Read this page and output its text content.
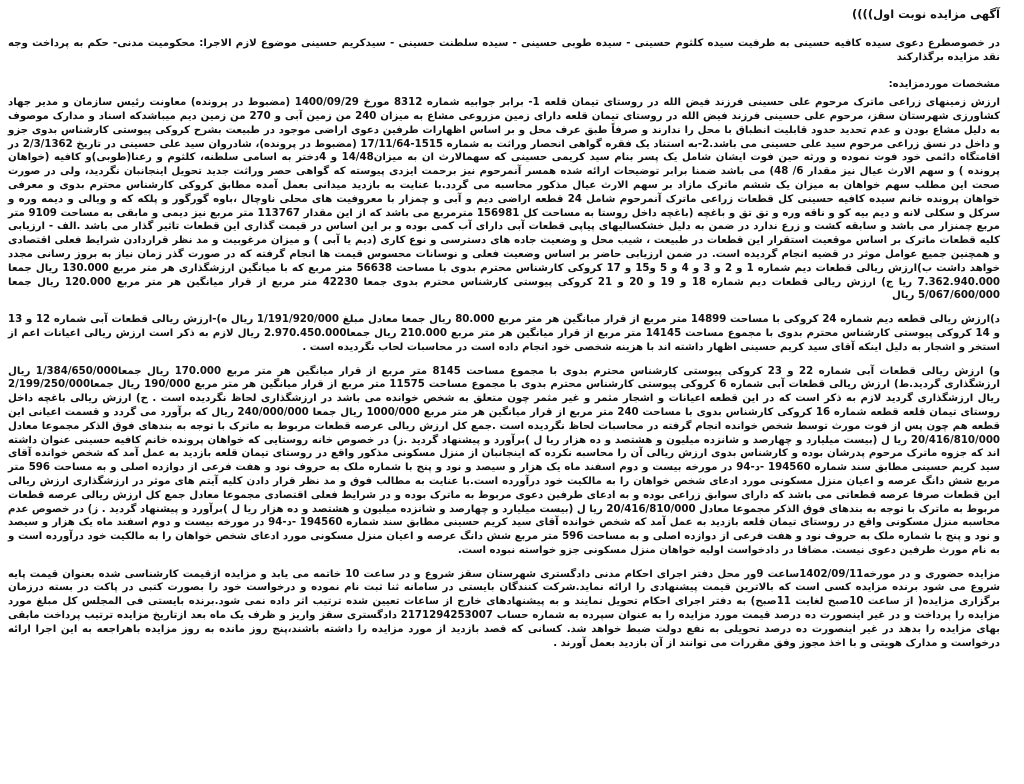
آگهی مزایده نوبت اول))))
در خصوصطرع دعوی سیده کافیه حسینی به طرفیت سیده کلثوم حسینی - سیده طوبی حسینی - سیده سلطنت حسینی - سیدکریم حسینی موضوع لازم الاجرا: محکومیت مدنی- حکم به پرداخت وجه نقد مزایده برگذارکند
مشخصات موردمزایده:
ارزش زمینهای زراعی ماترک مرحوم علی حسینی فرزند فیض الله در روستای تیمان قلعه 1- برابر جوابیه شماره 8312 مورخ 1400/09/29 (مضبوط در پرونده) معاونت رئیس سازمان و مدیر جهاد کشاورزی شهرستان سقز، مرحوم علی حسینی فرزند فیض الله در روستای تیمان قلعه دارای زمین مزروعی مشاع به میزان 240 من زمین آبی و 270 من زمین دیم میباشدکه اسناد و مدارک موصوف به دلیل مشاع بودن و عدم تحدید حدود قابلیت انطباق با محل را ندارند و صرفاً طبق عرف محل و بر اساس اظهارات طرفین دعوی اراضی موجود در طبیعت بشرح کروکی پیوستی کارشناس بدوی جزو و داخل در نسق زراعی مرحوم سید علی حسینی می باشد.2-به استناد یک فقره گواهی انحصار وراثت به شماره 1515-17/11/64 (مضبوط در پرونده)، شادروان سید علی حسینی در تاریخ 2/3/1362 در اقامتگاه دائمی خود فوت نموده و ورثه حین فوت ایشان شامل یک پسر بنام سید کریمی حسینی که سهمالارث ان به میزان14/48 و 4دختر به اسامی سلطنه، کلثوم و رعنا(طوبی)و کافیه (خواهان پرونده ) و سهم الارث عیال نیز مقدار 6/ 48) می باشد ضمنا برابر توضیحات ارائه شده همسر آنمرحوم نیز برحمت ایزدی پیوسته که گواهی حصر وراثت جدید تحویل اینجانبان نگردید، ولی در صورت صحت این مطلب سهم خواهان به میزان یک ششم ماترک مازاد بر سهم الارث عیال مذکور محاسبه می گردد.با عنایت به بازدید میدانی بعمل آمده مطابق کروکی کارشناس محترم بدوی و معرفی خواهان پرونده خانم سیده کافیه حسینی کل قطعات زراعی ماترک آنمرحوم شامل 24 قطعه اراضی دیم و آبی و چمزار با معروفیت های محلی ناوچال ،باوه گورگور و پلکه که و ویالی و دیمه وره و سرکل و سکلی لانه و دیم بیه کو و ناقه وره و تق تق و باغچه (باغچه داخل روستا به مساحت کل 156981 مترمربع می باشد که از این مقدار 113767 متر مربع نیز دیمی و مابقی به مساحت 9109 متر مربع چمنزار می باشد و سابقه کشت و زرع ندارد در ضمن به دلیل خشکسالیهای پیاپی قطعات آبی دارای آب کمی بوده و بر این اساس در قیمت گذاری این قطعات تاثیر گذار می باشد .الف - ارزیابی کلیه قطعات ماترک بر اساس موقعیت استقرار این قطعات در طبیعت ، شیب محل و وضعیت جاده های دسترسی و نوع کاری (دیم یا آبی ) و میزان مرغوبیت و مد نظر قراردادن شرایط فعلی اقتصادی و همچنین جمیع عوامل موثر در قضیه انجام گردیده است. در ضمن ارزیابی حاضر بر اساس وضعیت فعلی و نوسانات محسوس قیمت ها انجام گرفته که در صورت گذر زمان نیاز به بروز رسانی مجدد خواهد داشت ب)ارزش ریالی قطعات دیم شماره 1 و 2 و 3 و 4 و 5 و15 و 17 کروکی کارشناس محترم بدوی با مساحت 56638 متر مربع که با میانگین ارزشگذاری هر متر مربع 130.000 ریال جمعا 7.362.940.000 ریا ج) ارزش ریالی قطعات دیم شماره 18 و 19 و 20 و 21 کروکی پیوستی کارشناس محترم بدوی جمعا 42230 متر مربع از قرار میانگین هر متر مربع 120.000 ریال جمعا 5/067/600/000 ریال
د)ارزش ریالی قطعه دیم شماره 24 کروکی با مساحت 14899 متر مربع از قرار میانگین هر متر مربع 80.000 ریال جمعا معادل مبلغ 1/191/920/000 ریال ه)-ارزش ریالی قطعات آبی شماره 12 و 13 و 14 کروکی پیوستی کارشناس محترم بدوی با مجموع مساحت 14145 متر مربع از قرار میانگین هر متر مربع 210.000 ریال جمعا2.970.450.000 ریال لازم به ذکر است ارزش ریالی اعیانات اعم از استخر و اشجار به دلیل اینکه آقای سید کریم حسینی اظهار داشته اند با هزینه شخصی خود انجام داده است در محاسبات لحاب نگردیده است .
و) ارزش ریالی قطعات آبی شماره 22 و 23 کروکی پیوستی کارشناس محترم بدوی با مجموع مساحت 8145 متر مربع از قرار میانگین هر متر مربع 170.000 ریال جمعا1/384/650/000 ریال ارزشگذاری گردید.ط) ارزش ریالی قطعات آبی شماره 6 کروکی پیوستی کارشناس محترم بدوی با مجموع مساحت 11575 متر مربع از قرار میانگین هر متر مربع 190/000 ریال جمعا2/199/250/000 ریال ارزشگذاری گردید لازم به ذکر است که در این قطعه اعیانات و اشجار مثمر و غیر مثمر چون متعلق به شخص خوانده می باشد در ارزشگذاری لحاظ نگردیده است . ح) ارزش ریالی باغچه داخل روستای تیمان قلعه قطعه شماره 16 کروکی کارشناس بدوی با مساحت 240 متر مربع از قرار میانگین هر متر مربع 1000/000 ریال جمعا 240/000/000 ریال که برآورد می گردد و قسمت اعیانی این قطعه هم چون پس از فوت مورث توسط شخص خوانده انجام گرفته در محاسبات لحاظ نگردیده است .جمع کل ارزش ریالی عرصه قطعات مربوط به ماترک با توجه به بندهای فوق الذکر مجموعا معادل 20/416/810/000 ریا ل (بیست میلیارد و چهارصد و شانزده میلیون و هشتصد و ده هزار ریا ل )برآورد و پیشنهاد گردید .ز) در خصوص خانه روستایی که خواهان پرونده خانم کافیه حسینی عنوان داشته اند که جزوه ماترک مرحوم پدرشان بوده و کارشناس بدوی ارزش ریالی آن را محاسبه نکرده که اینجانبان از منزل مسکونی مذکور واقع در روستای تیمان قلعه بازدید به عمل آمد که شخص خوانده آقای سید کریم حسینی مطابق سند شماره 194560 -د-94 در مورخه بیست و دوم اسفند ماه یک هزار و سیصد و نود و پنج با شماره ملک به حروف نود و هفت فرعی از دوازده اصلی و به مساحت 596 متر مربع شش دانگ عرصه و اعیان منزل مسکونی مورد ادعای شخص خواهان را به مالکیت خود درآورده است.با عنایت به مطالب فوق و مد نظر قرار دادن کلیه آیتم های موثر در ارزشگذاری ارزش ریالی این قطعات صرفا عرصه قطعاتی می باشد که دارای سوابق زراعی بوده و به ادعای طرفین دعوی مربوط به ماترک بوده و در شرایط فعلی اقتصادی مجموعا معادل جمع کل ارزش ریالی عرصه قطعات مربوط به ماترک با توجه به بندهای فوق الذکر مجموعا معادل 20/416/810/000 ریا ل (بیست میلیارد و چهارصد و شانزده میلیون و هشتصد و ده هزار ریا ل )برآورد و پیشنهاد گردید . ز) در خصوص عدم محاسبه منزل مسکونی واقع در روستای تیمان قلعه بازدید به عمل آمد که شخص خوانده آقای سید کریم حسینی مطابق سند شماره 194560 -د-94 در مورخه بیست و دوم اسفند ماه یک هزار و سیصد و نود و پنج با شماره ملک به حروف نود و هفت فرعی از دوازده اصلی و به مساحت 596 متر مربع شش دانگ عرصه و اعیان منزل مسکونی مورد ادعای شخص خواهان را به مالکیت خود درآورده است و به نام مورث طرفین دعوی نیست. مضافا در دادخواست اولیه خواهان منزل مسکونی جزو خواسته نبوده است.
مزایده حضوری و در مورخه1402/09/11ساعت 9ور محل دفتر اجرای احکام مدنی دادگستری شهرستان سقز شروع و در ساعت 10 خاتمه می یابد و مزایده ازقیمت کارشناسی شده بعنوان قیمت پایه شروع می شود برنده مزایده کسی است که بالاترین قیمت پیشنهادی را ارائه نماید.شرکت کنندگان بایستی در سامانه ثنا ثبت نام نموده و درخواست خود را بصورت کتبی در پاکت در بسته درزمان برگزاری مزایده( از ساعت 10صبح لغایت 11صبح) به دفتر اجرای احکام تحویل نمایند و به پیشنهادهای خارج از ساعات تعیین شده ترتیب اثر داده نمی شود.برنده بایستی فی المجلس کل مبلغ مورد مزایده را پرداخت و در غیر اینصورت ده درصد قیمت مورد مزایده را به عنوان سپرده به شماره حساب 2171294253007 دادگستری سقز واریز و ظرف یک ماه بعد ازتاریخ مزایده ترتیب پرداخت مابقی بهای مزایده را بدهد در غیر اینصورت ده درصد تحویلی به نفع دولت ضبط خواهد شد. کسانی که قصد بازدید از مورد مزایده را داشته باشند،پنج روز مانده به روز مزایده باهراجعه به این اجرا ارائه درخواست و مدارک هویتی و با اخذ مجوز وفق مقررات می توانند از آن بازدید بعمل آورند .
